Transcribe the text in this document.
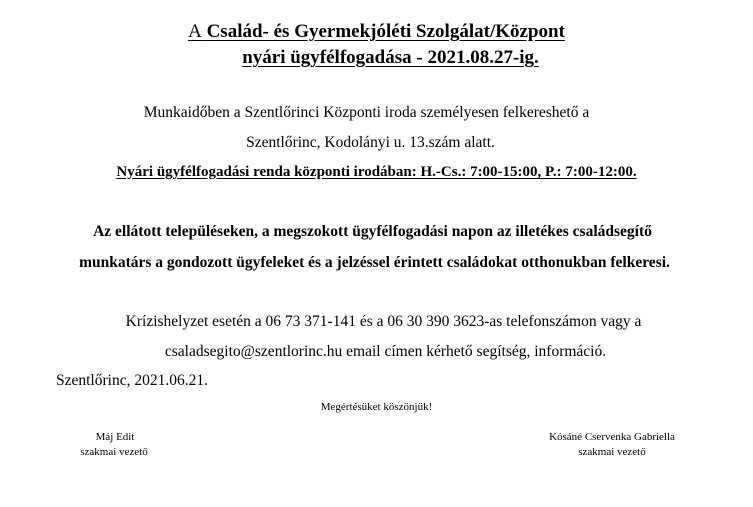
A Család- és Gyermekjóléti Szolgálat/Központ
nyári ügyfélfogadása - 2021.08.27-ig.
Munkaidőben a Szentlőrinci Központi iroda személyesen felkereshető a
Szentlőrinc, Kodolányi u. 13.szám alatt.
Nyári ügyfélfogadási renda központi irodában: H.-Cs.: 7:00-15:00, P.: 7:00-12:00.
Az ellátott településeken, a megszokott ügyfélfogadási napon az illetékes családsegítő
munkatárs a gondozott ügyfeleket és a jelzéssel érintett családokat otthonukban felkeresi.
Krízishelyzet esetén a 06 73 371-141 és a 06 30 390 3623-as telefonszámon vagy a
csaladsegito@szentlorinc.hu email címen kérhető segítség, információ.
Szentlőrinc, 2021.06.21.
Megértésüket köszönjük!
Máj Edit
szakmai vezető
Kósáné Cservenka Gabriella
szakmai vezető
